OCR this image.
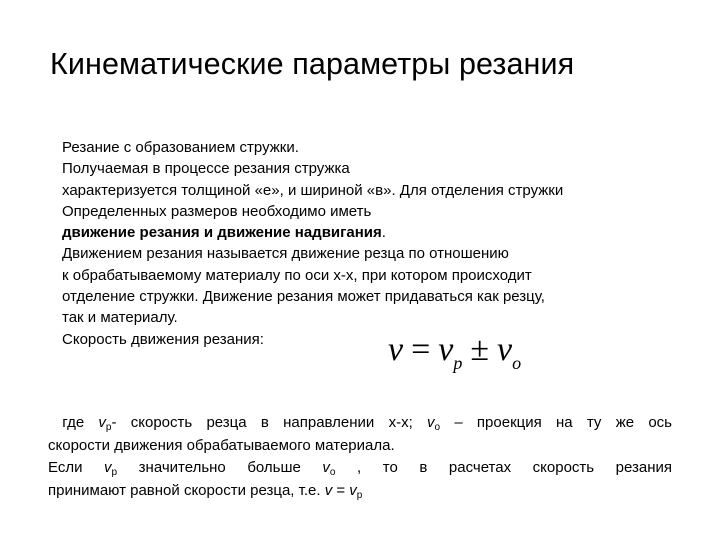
Кинематические параметры резания
Резание с образованием стружки.
Получаемая в процессе резания стружка
характеризуется толщиной «е», и шириной «в». Для отделения стружки
Определенных размеров необходимо иметь
движение резания и движение надвигания.
Движением резания называется движение резца по отношению
к обрабатываемому материалу по оси х-х, при котором происходит
отделение стружки. Движение резания может придаваться как резцу,
так и материалу.
Скорость движения резания:	$v = v_p \pm v_o$
где $v_р-$ скорость резца в направлении х-х; $v_о$ – проекция на ту же ось
скорости движения обрабатываемого материала.
Если $v_р$ значительно больше $v_о$ , то в расчетах скорость резания
принимают равной скорости резца, т.е. $v = v_р$
